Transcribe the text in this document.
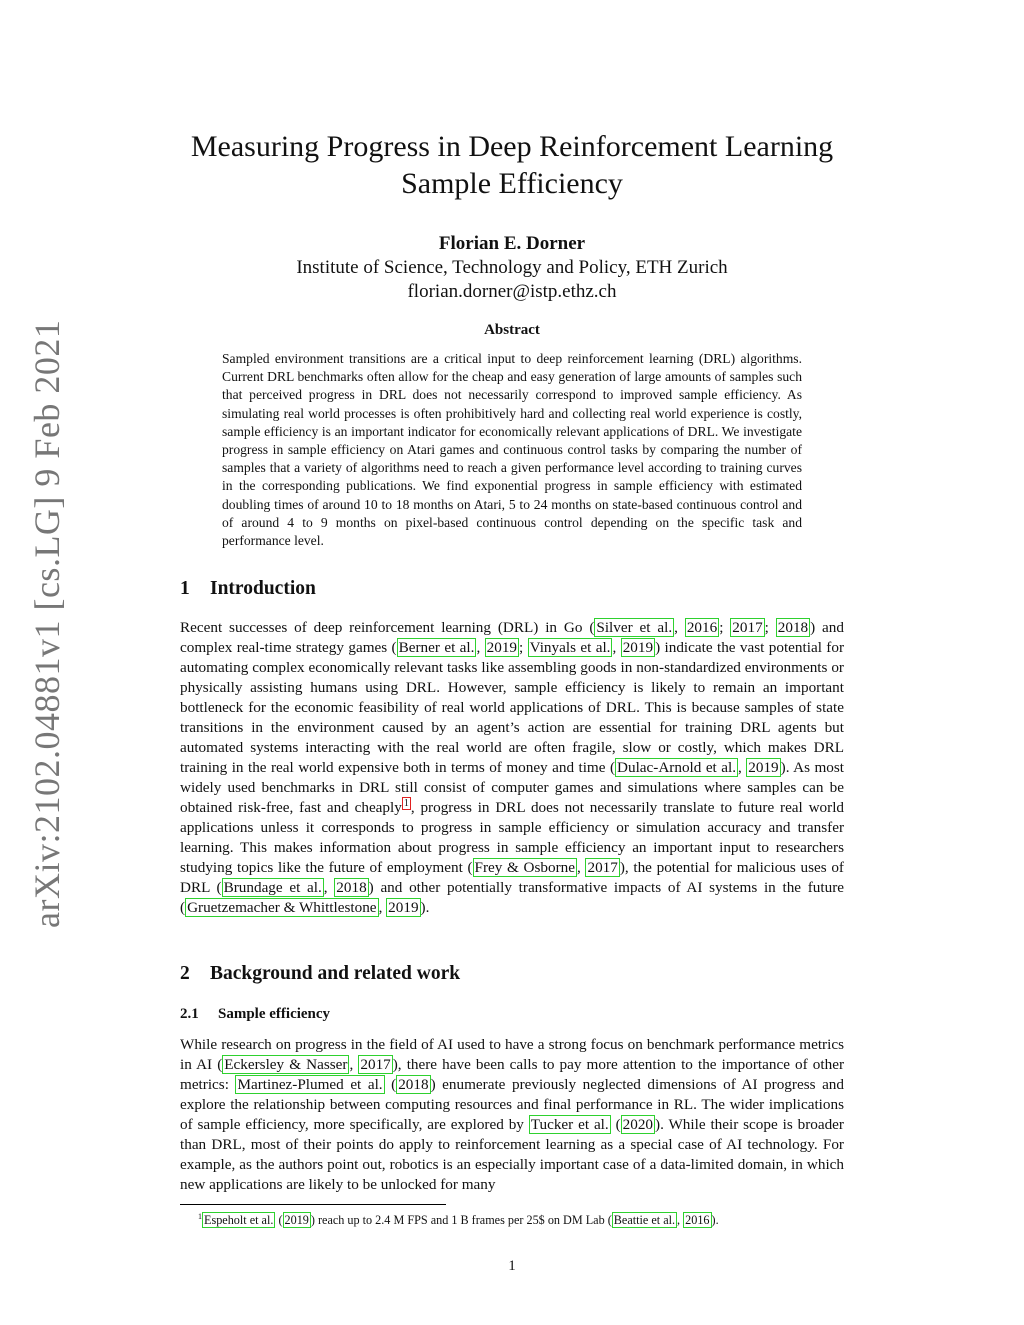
arXiv:2102.04881v1 [cs.LG] 9 Feb 2021
Measuring Progress in Deep Reinforcement Learning
Sample Efficiency
Florian E. Dorner
Institute of Science, Technology and Policy, ETH Zurich
florian.dorner@istp.ethz.ch
Abstract
Sampled environment transitions are a critical input to deep reinforcement learning (DRL) algorithms. Current DRL benchmarks often allow for the cheap and easy generation of large amounts of samples such that perceived progress in DRL does not necessarily correspond to improved sample efficiency. As simulating real world processes is often prohibitively hard and collecting real world experience is costly, sample efficiency is an important indicator for economically relevant applications of DRL. We investigate progress in sample efficiency on Atari games and continuous control tasks by comparing the number of samples that a variety of algorithms need to reach a given performance level according to training curves in the corresponding publications. We find exponential progress in sample efficiency with estimated doubling times of around 10 to 18 months on Atari, 5 to 24 months on state-based continuous control and of around 4 to 9 months on pixel-based continuous control depending on the specific task and performance level.
1 Introduction
Recent successes of deep reinforcement learning (DRL) in Go ( Silver et al. , 2016 ; 2017 ; 2018 ) and complex real-time strategy games ( Berner et al. , 2019 ; Vinyals et al. , 2019 ) indicate the vast potential for automating complex economically relevant tasks like assembling goods in non-standardized environments or physically assisting humans using DRL. However, sample efficiency is likely to remain an important bottleneck for the economic feasibility of real world applications of DRL. This is because samples of state transitions in the environment caused by an agent’s action are essential for training DRL agents but automated systems interacting with the real world are often fragile, slow or costly, which makes DRL training in the real world expensive both in terms of money and time ( Dulac-Arnold et al. , 2019 ). As most widely used benchmarks in DRL still consist of computer games and simulations where samples can be obtained risk-free, fast and cheaply $^1$ , progress in DRL does not necessarily translate to future real world applications unless it corresponds to progress in sample efficiency or simulation accuracy and transfer learning. This makes information about progress in sample efficiency an important input to researchers studying topics like the future of employment ( Frey & Osborne , 2017 ), the potential for malicious uses of DRL ( Brundage et al. , 2018 ) and other potentially transformative impacts of AI systems in the future ( Gruetzemacher & Whittlestone , 2019 ).
2 Background and related work
2.1 Sample efficiency
While research on progress in the field of AI used to have a strong focus on benchmark performance metrics in AI ( Eckersley & Nasser , 2017 ), there have been calls to pay more attention to the importance of other metrics: Martinez-Plumed et al. ( 2018 ) enumerate previously neglected dimensions of AI progress and explore the relationship between computing resources and final performance in RL. The wider implications of sample efficiency, more specifically, are explored by Tucker et al. ( 2020 ). While their scope is broader than DRL, most of their points do apply to reinforcement learning as a special case of AI technology. For example, as the authors point out, robotics is an especially important case of a data-limited domain, in which new applications are likely to be unlocked for many
$^1$ Espeholt et al. ( 2019 ) reach up to 2.4 M FPS and 1 B frames per 25$ on DM Lab ( Beattie et al. , 2016 ).
1
